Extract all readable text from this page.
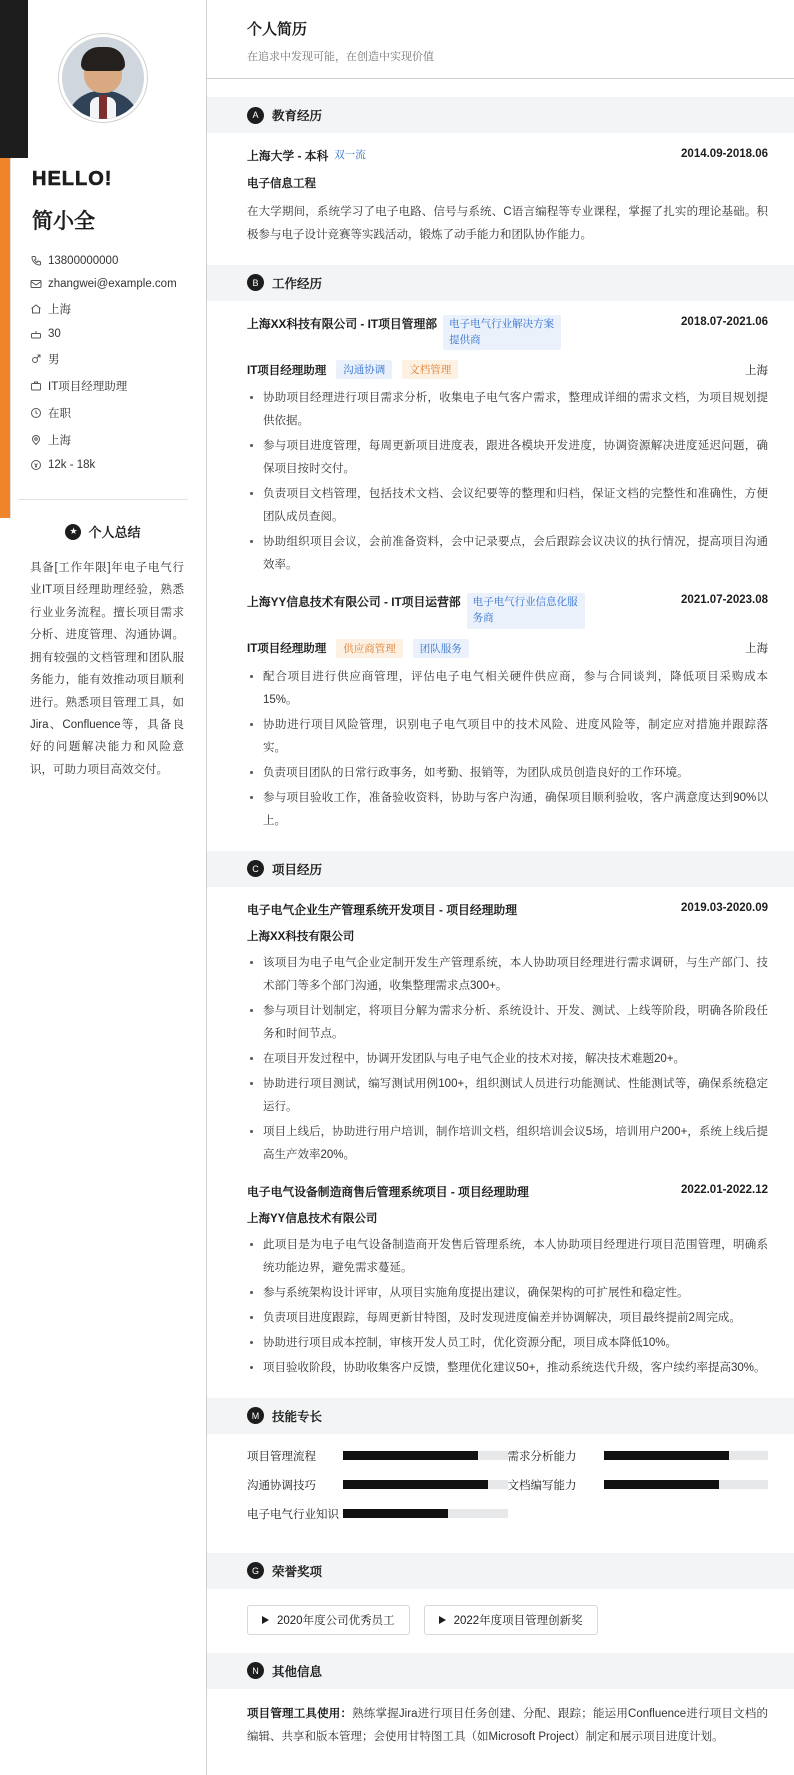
HELLO!
简小全
13800000000
zhangwei@example.com
上海
30
男
IT项目经理助理
在职
上海
12k - 18k
★ 个人总结
具备[工作年限]年电子电气行业IT项目经理助理经验，熟悉行业业务流程。擅长项目需求分析、进度管理、沟通协调。拥有较强的文档管理和团队服务能力，能有效推动项目顺利进行。熟悉项目管理工具，如Jira、Confluence等，具备良好的问题解决能力和风险意识，可助力项目高效交付。
个人简历
在追求中发现可能，在创造中实现价值
A	教育经历
上海大学 - 本科 双一流	2014.09-2018.06
电子信息工程
在大学期间，系统学习了电子电路、信号与系统、C语言编程等专业课程，掌握了扎实的理论基础。积极参与电子设计竞赛等实践活动，锻炼了动手能力和团队协作能力。
B	工作经历
上海XX科技有限公司 - IT项目管理部	电子电气行业解决方案提供商
2018.07-2021.06
IT项目经理助理	沟通协调	文档管理	上海
• 协助项目经理进行项目需求分析，收集电子电气客户需求，整理成详细的需求文档，为项目规划提供依据。
• 参与项目进度管理，每周更新项目进度表，跟进各模块开发进度，协调资源解决进度延迟问题，确保项目按时交付。
• 负责项目文档管理，包括技术文档、会议纪要等的整理和归档，保证文档的完整性和准确性，方便团队成员查阅。
• 协助组织项目会议，会前准备资料，会中记录要点，会后跟踪会议决议的执行情况，提高项目沟通效率。
上海YY信息技术有限公司 - IT项目运营部	电子电气行业信息化服务商
2021.07-2023.08
IT项目经理助理	供应商管理	团队服务	上海
• 配合项目进行供应商管理，评估电子电气相关硬件供应商，参与合同谈判，降低项目采购成本15%。
• 协助进行项目风险管理，识别电子电气项目中的技术风险、进度风险等，制定应对措施并跟踪落实。
• 负责项目团队的日常行政事务，如考勤、报销等，为团队成员创造良好的工作环境。
• 参与项目验收工作，准备验收资料，协助与客户沟通，确保项目顺利验收，客户满意度达到90%以上。
C	项目经历
电子电气企业生产管理系统开发项目 - 项目经理助理	2019.03-2020.09
上海XX科技有限公司
• 该项目为电子电气企业定制开发生产管理系统，本人协助项目经理进行需求调研，与生产部门、技术部门等多个部门沟通，收集整理需求点300+。
• 参与项目计划制定，将项目分解为需求分析、系统设计、开发、测试、上线等阶段，明确各阶段任务和时间节点。
• 在项目开发过程中，协调开发团队与电子电气企业的技术对接，解决技术难题20+。
• 协助进行项目测试，编写测试用例100+，组织测试人员进行功能测试、性能测试等，确保系统稳定运行。
• 项目上线后，协助进行用户培训，制作培训文档，组织培训会议5场，培训用户200+，系统上线后提高生产效率20%。
电子电气设备制造商售后管理系统项目 - 项目经理助理	2022.01-2022.12
上海YY信息技术有限公司
• 此项目是为电子电气设备制造商开发售后管理系统，本人协助项目经理进行项目范围管理，明确系统功能边界，避免需求蔓延。
• 参与系统架构设计评审，从项目实施角度提出建议，确保架构的可扩展性和稳定性。
• 负责项目进度跟踪，每周更新甘特图，及时发现进度偏差并协调解决，项目最终提前2周完成。
• 协助进行项目成本控制，审核开发人员工时，优化资源分配，项目成本降低10%。
• 项目验收阶段，协助收集客户反馈，整理优化建议50+，推动系统迭代升级，客户续约率提高30%。
M	技能专长
项目管理流程	需求分析能力
沟通协调技巧	文档编写能力
电子电气行业知识
G	荣誉奖项
2020年度公司优秀员工	2022年度项目管理创新奖
N	其他信息
项目管理工具使用：熟练掌握Jira进行项目任务创建、分配、跟踪；能运用Confluence进行项目文档的编辑、共享和版本管理；会使用甘特图工具（如Microsoft Project）制定和展示项目进度计划。
